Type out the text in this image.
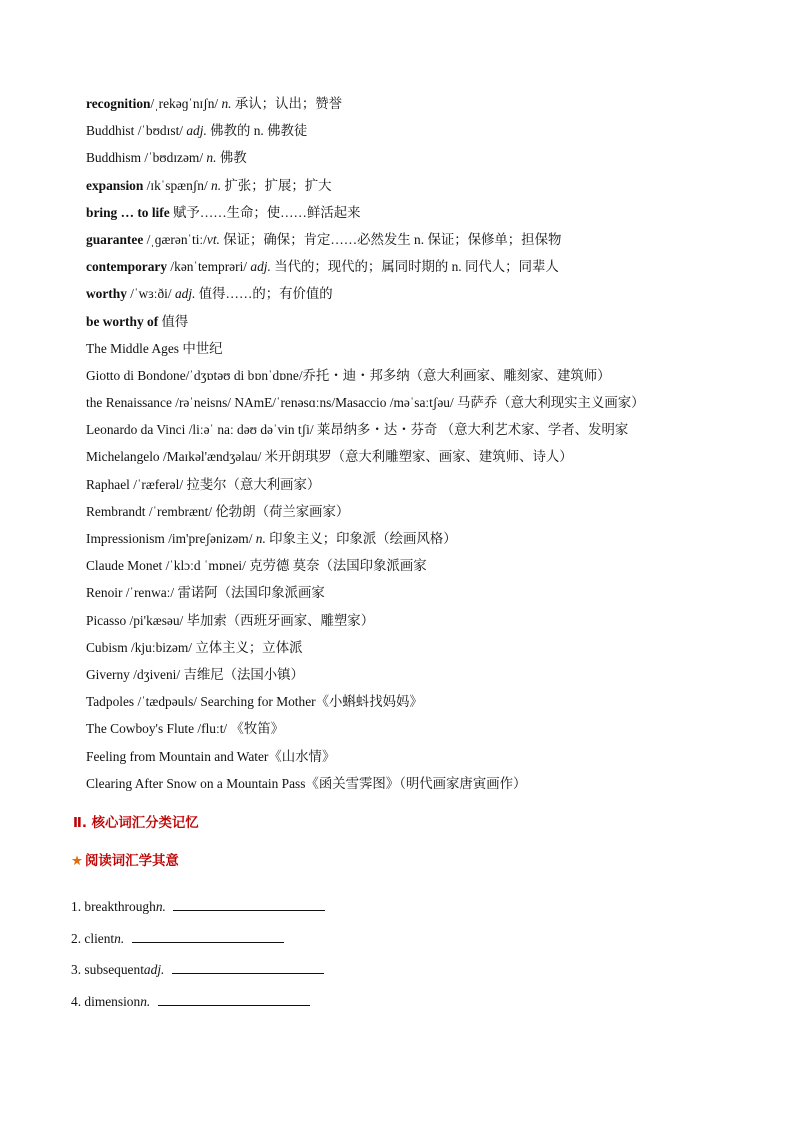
recognition/ˌrekəɡˈnɪʃn/ n. 承认；认出；赞誉
Buddhist /ˈbʊdɪst/ adj. 佛教的 n. 佛教徒
Buddhism /ˈbʊdɪzəm/ n. 佛教
expansion /ɪkˈspænʃn/ n. 扩张；扩展；扩大
bring … to life 赋予……生命；使……鲜活起来
guarantee /ˌɡærənˈtiː/vt. 保证；确保；肯定……必然发生 n. 保证；保修单；担保物
contemporary /kənˈtemprəri/ adj. 当代的；现代的；属同时期的 n. 同代人；同辈人
worthy /ˈwɜːði/ adj. 值得……的；有价值的
be worthy of 值得
The Middle Ages 中世纪
Giotto di Bondone/ˈdʒɒtəʊ di bɒnˈdɒne/乔托・迪・邦多纳（意大利画家、雕刻家、建筑师）
the Renaissance /rəˈneisns/ NAmE/ˈrenəsɑːns/Masaccio /məˈsaːtʃəu/ 马萨乔（意大利现实主义画家）
Leonardo da Vinci /liːəˈ naː dəʊ dəˈvin tʃi/ 莱昂纳多・达・芬奇 （意大利艺术家、学者、发明家
Michelangelo /Maɪkəl'ændʒəlau/ 米开朗琪罗（意大利雕塑家、画家、建筑师、诗人）
Raphael /ˈræferəl/ 拉斐尔（意大利画家）
Rembrandt /ˈrembrænt/ 伦勃朗（荷兰家画家）
Impressionism /im'preʃənizəm/ n. 印象主义；印象派（绘画风格）
Claude Monet /ˈklɔːd ˈmɒnei/ 克劳德 莫奈（法国印象派画家
Renoir /ˈrenwaː/ 雷诺阿（法国印象派画家
Picasso /pi'kæsəu/ 毕加索（西班牙画家、雕塑家）
Cubism /kjuːbizəm/ 立体主义；立体派
Giverny /dʒiveni/ 吉维尼（法国小镇）
Tadpoles /ˈtædpəuls/ Searching for Mother《小蝌蚪找妈妈》
The Cowboy's Flute /fluːt/ 《牧笛》
Feeling from Mountain and Water《山水情》
Clearing After Snow on a Mountain Pass《函关雪霁图》（明代画家唐寅画作）
Ⅱ. 核心词汇分类记忆
★ 阅读词汇学其意
1. breakthroughn.
2. clientn.
3. subsequentadj.
4. dimensionn.
